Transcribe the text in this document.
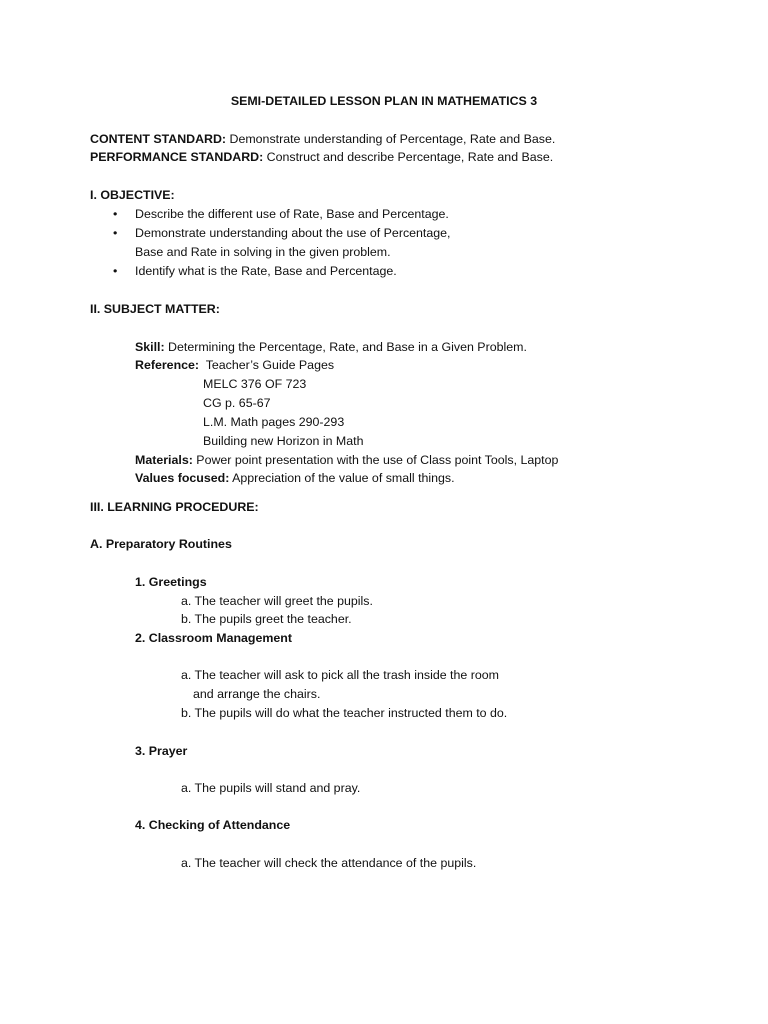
SEMI-DETAILED LESSON PLAN IN MATHEMATICS 3
CONTENT STANDARD: Demonstrate understanding of Percentage, Rate and Base.
PERFORMANCE STANDARD: Construct and describe Percentage, Rate and Base.
I. OBJECTIVE:
• Describe the different use of Rate, Base and Percentage.
• Demonstrate understanding about the use of Percentage,
Base and Rate in solving in the given problem.
• Identify what is the Rate, Base and Percentage.
II. SUBJECT MATTER:
Skill: Determining the Percentage, Rate, and Base in a Given Problem.
Reference:  Teacher’s Guide Pages
MELC 376 OF 723
CG p. 65-67
L.M. Math pages 290-293
Building new Horizon in Math
Materials: Power point presentation with the use of Class point Tools, Laptop
Values focused: Appreciation of the value of small things.
III. LEARNING PROCEDURE:
A. Preparatory Routines
1. Greetings
a. The teacher will greet the pupils.
b. The pupils greet the teacher.
2. Classroom Management
a. The teacher will ask to pick all the trash inside the room
and arrange the chairs.
b. The pupils will do what the teacher instructed them to do.
3. Prayer
a. The pupils will stand and pray.
4. Checking of Attendance
a. The teacher will check the attendance of the pupils.
